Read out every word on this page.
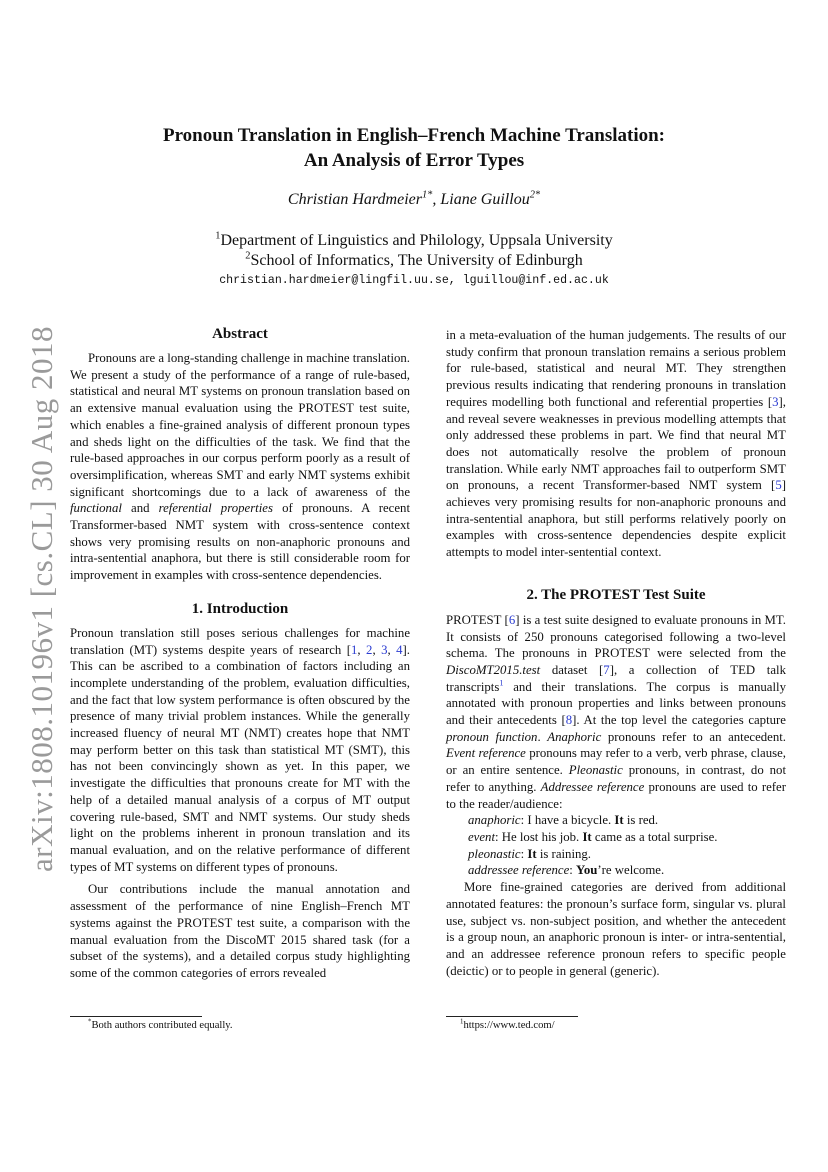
arXiv:1808.10196v1 [cs.CL] 30 Aug 2018
Pronoun Translation in English–French Machine Translation:
An Analysis of Error Types
Christian Hardmeier$^{1*}$, Liane Guillou$^{2*}$
$^1$Department of Linguistics and Philology, Uppsala University
$^2$School of Informatics, The University of Edinburgh
christian.hardmeier@lingfil.uu.se, lguillou@inf.ed.ac.uk
Abstract

Pronouns are a long-standing challenge in machine translation. We present a study of the performance of a range of rule-based, statistical and neural MT systems on pronoun translation based on an extensive manual evaluation using the PROTEST test suite, which enables a fine-grained analysis of different pronoun types and sheds light on the difficulties of the task. We find that the rule-based approaches in our corpus perform poorly as a result of oversimplification, whereas SMT and early NMT systems exhibit significant shortcomings due to a lack of awareness of the functional and referential properties of pronouns. A recent Transformer-based NMT system with cross-sentence context shows very promising results on non-anaphoric pronouns and intra-sentential anaphora, but there is still considerable room for improvement in examples with cross-sentence dependencies.

1. Introduction

Pronoun translation still poses serious challenges for machine translation (MT) systems despite years of research [1, 2, 3, 4]. This can be ascribed to a combination of factors including an incomplete understanding of the problem, evaluation difficulties, and the fact that low system performance is often obscured by the presence of many trivial problem instances. While the generally increased fluency of neural MT (NMT) creates hope that NMT may perform better on this task than statistical MT (SMT), this has not been convincingly shown as yet. In this paper, we investigate the difficulties that pronouns create for MT with the help of a detailed manual analysis of a corpus of MT output covering rule-based, SMT and NMT systems. Our study sheds light on the problems inherent in pronoun translation and its manual evaluation, and on the relative performance of different types of MT systems on different types of pronouns.

Our contributions include the manual annotation and assessment of the performance of nine English–French MT systems against the PROTEST test suite, a comparison with the manual evaluation from the DiscoMT 2015 shared task (for a subset of the systems), and a detailed corpus study highlighting some of the common categories of errors revealed

*Both authors contributed equally.

in a meta-evaluation of the human judgements. The results of our study confirm that pronoun translation remains a serious problem for rule-based, statistical and neural MT. They strengthen previous results indicating that rendering pronouns in translation requires modelling both functional and referential properties [3], and reveal severe weaknesses in previous modelling attempts that only addressed these problems in part. We find that neural MT does not automatically resolve the problem of pronoun translation. While early NMT approaches fail to outperform SMT on pronouns, a recent Transformer-based NMT system [5] achieves very promising results for non-anaphoric pronouns and intra-sentential anaphora, but still performs relatively poorly on examples with cross-sentence dependencies despite explicit attempts to model inter-sentential context.

2. The PROTEST Test Suite

PROTEST [6] is a test suite designed to evaluate pronouns in MT. It consists of 250 pronouns categorised following a two-level schema. The pronouns in PROTEST were selected from the DiscoMT2015.test dataset [7], a collection of TED talk transcripts$^1$ and their translations. The corpus is manually annotated with pronoun properties and links between pronouns and their antecedents [8]. At the top level the categories capture pronoun function. Anaphoric pronouns refer to an antecedent. Event reference pronouns may refer to a verb, verb phrase, clause, or an entire sentence. Pleonastic pronouns, in contrast, do not refer to anything. Addressee reference pronouns are used to refer to the reader/audience:

anaphoric: I have a bicycle. It is red.

event: He lost his job. It came as a total surprise.

pleonastic: It is raining.

addressee reference: You’re welcome.

More fine-grained categories are derived from additional annotated features: the pronoun’s surface form, singular vs. plural use, subject vs. non-subject position, and whether the antecedent is a group noun, an anaphoric pronoun is inter- or intra-sentential, and an addressee reference pronoun refers to specific people (deictic) or to people in general (generic).

$^1$https://www.ted.com/
